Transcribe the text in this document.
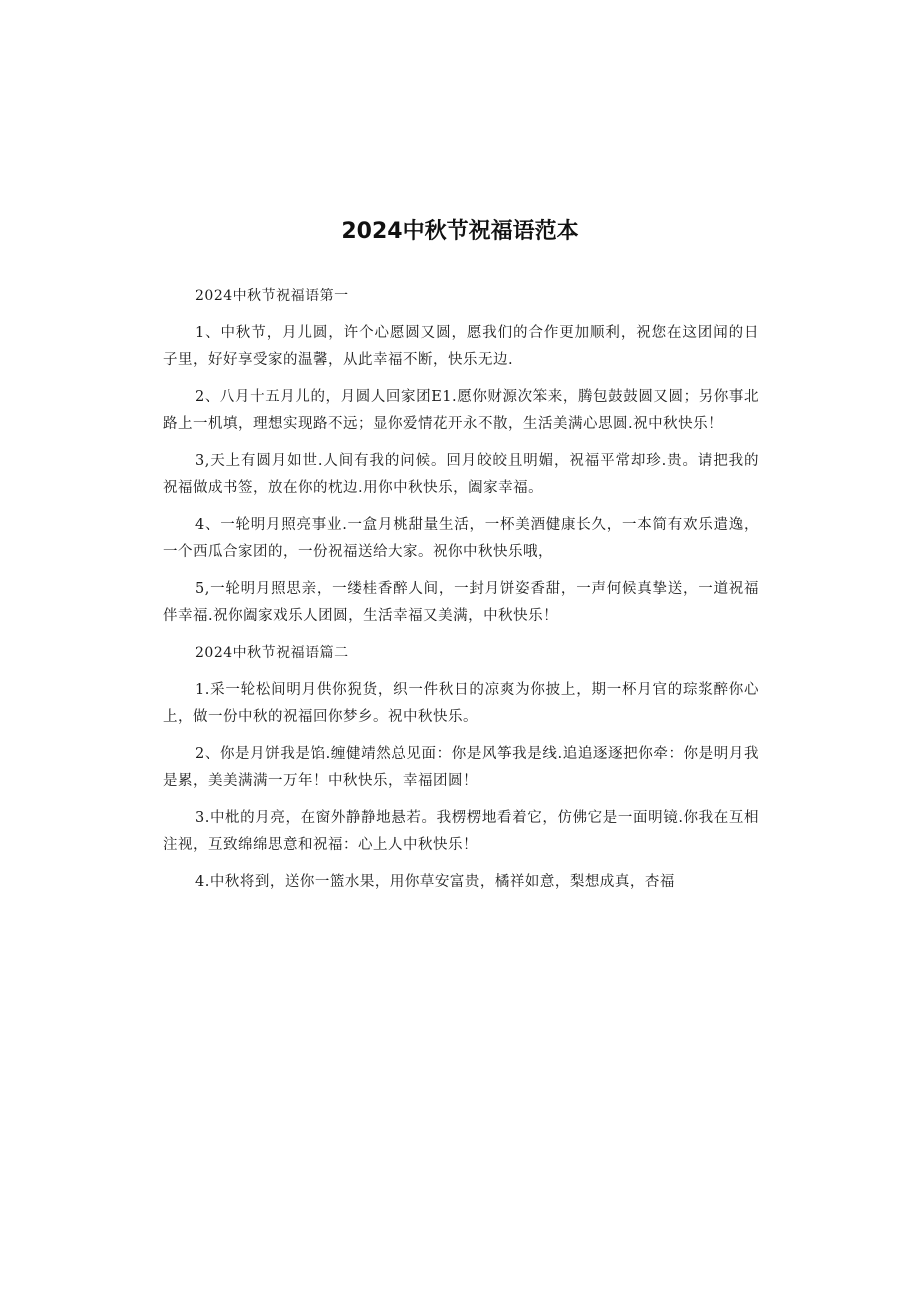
2024中秋节祝福语范本
2024中秋节祝福语第一
1、中秋节，月儿圆，许个心愿圆又圆，愿我们的合作更加顺利，祝您在这团闻的日子里，好好享受家的温馨，从此幸福不断，快乐无边.
2、八月十五月儿的，月圆人回家团E1.愿你财源次笨来，腾包鼓鼓圆又圆；另你事北路上一机填，理想实现路不远；显你爱情花开永不散，生活美满心思圆.祝中秋快乐！
3,天上有圆月如世.人间有我的问候。回月皎皎且明媚，祝福平常却珍.贵。请把我的祝福做成书签，放在你的枕边.用你中秋快乐，阖家幸福。
4、一轮明月照亮事业.一盒月桃甜量生活，一杯美酒健康长久，一本简有欢乐遣逸，一个西瓜合家团的，一份祝福送给大家。祝你中秋快乐哦，
5,一轮明月照思亲，一缕桂香醉人间，一封月饼姿香甜，一声何候真挚送，一道祝福伴幸福.祝你阖家戏乐人团圆，生活幸福又美满，中秋快乐！
2024中秋节祝福语篇二
1.采一轮松间明月供你猊货，织一件秋日的凉爽为你披上，期一杯月官的琮浆醉你心上，做一份中秋的祝福回你梦乡。祝中秋快乐。
2、你是月饼我是馅.缠健靖然总见面：你是风筝我是线.追追逐逐把你牵：你是明月我是累，美美满满一万年！中秋快乐，幸福团圆！
3.中枇的月亮，在窗外静静地悬若。我楞楞地看着它，仿佛它是一面明镜.你我在互相注视，互致绵绵思意和祝福：心上人中秋快乐！
4.中秋将到，送你一篮水果，用你草安富贵，橘祥如意，梨想成真，杏福
